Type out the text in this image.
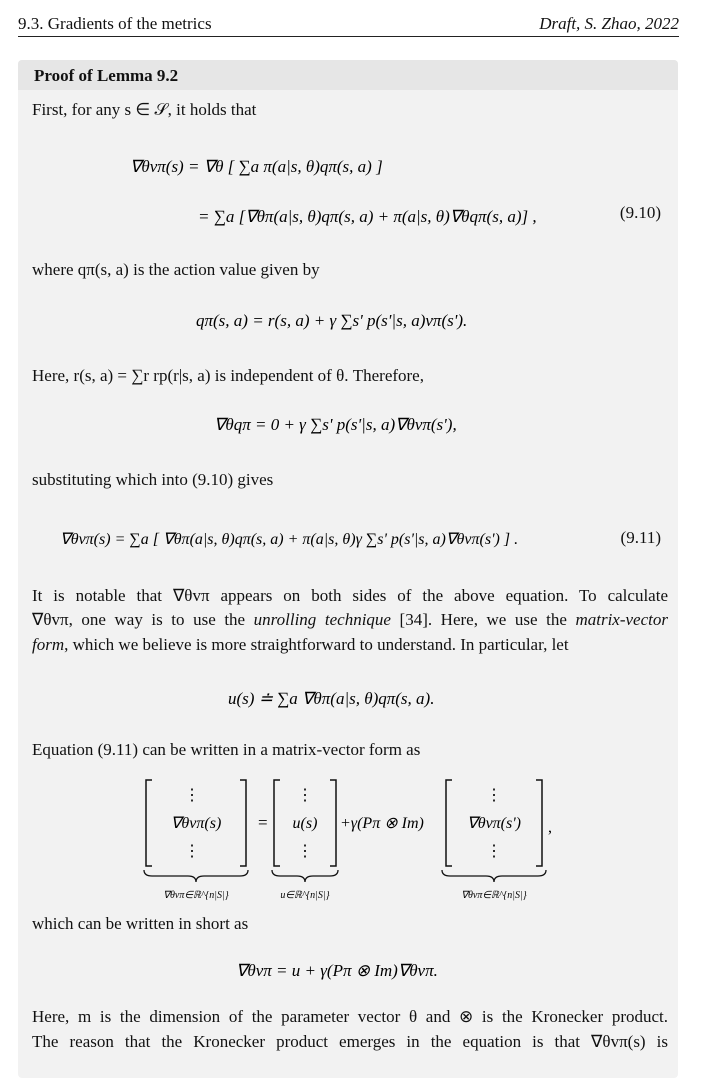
9.3. Gradients of the metrics	Draft, S. Zhao, 2022
Proof of Lemma 9.2
First, for any s ∈ 𝒮, it holds that
∇θvπ(s) = ∇θ [ ∑a π(a|s, θ)qπ(s, a) ]
= ∑a [∇θπ(a|s, θ)qπ(s, a) + π(a|s, θ)∇θqπ(s, a)] ,	(9.10)
where qπ(s, a) is the action value given by
qπ(s, a) = r(s, a) + γ ∑s' p(s'|s, a)vπ(s').
Here, r(s, a) = ∑r rp(r|s, a) is independent of θ. Therefore,
∇θqπ = 0 + γ ∑s' p(s'|s, a)∇θvπ(s'),
substituting which into (9.10) gives
∇θvπ(s) = ∑a [ ∇θπ(a|s, θ)qπ(s, a) + π(a|s, θ)γ ∑s' p(s'|s, a)∇θvπ(s') ] .	(9.11)
It is notable that ∇θvπ appears on both sides of the above equation. To calculate
∇θvπ, one way is to use the unrolling technique [34]. Here, we use the matrix-vector
form, which we believe is more straightforward to understand. In particular, let
u(s) ≐ ∑a ∇θπ(a|s, θ)qπ(s, a).
Equation (9.11) can be written in a matrix-vector form as
⋮
∇θvπ(s)
⋮
∇θvπ∈ℝ^{n|S|}
=
⋮
u(s)
⋮
u∈ℝ^{n|S|}
+γ(Pπ ⊗ Im)
⋮
∇θvπ(s')
⋮
∇θvπ∈ℝ^{n|S|}
,
which can be written in short as
∇θvπ = u + γ(Pπ ⊗ Im)∇θvπ.
Here, m is the dimension of the parameter vector θ and ⊗ is the Kronecker product.
The reason that the Kronecker product emerges in the equation is that ∇θvπ(s) is
